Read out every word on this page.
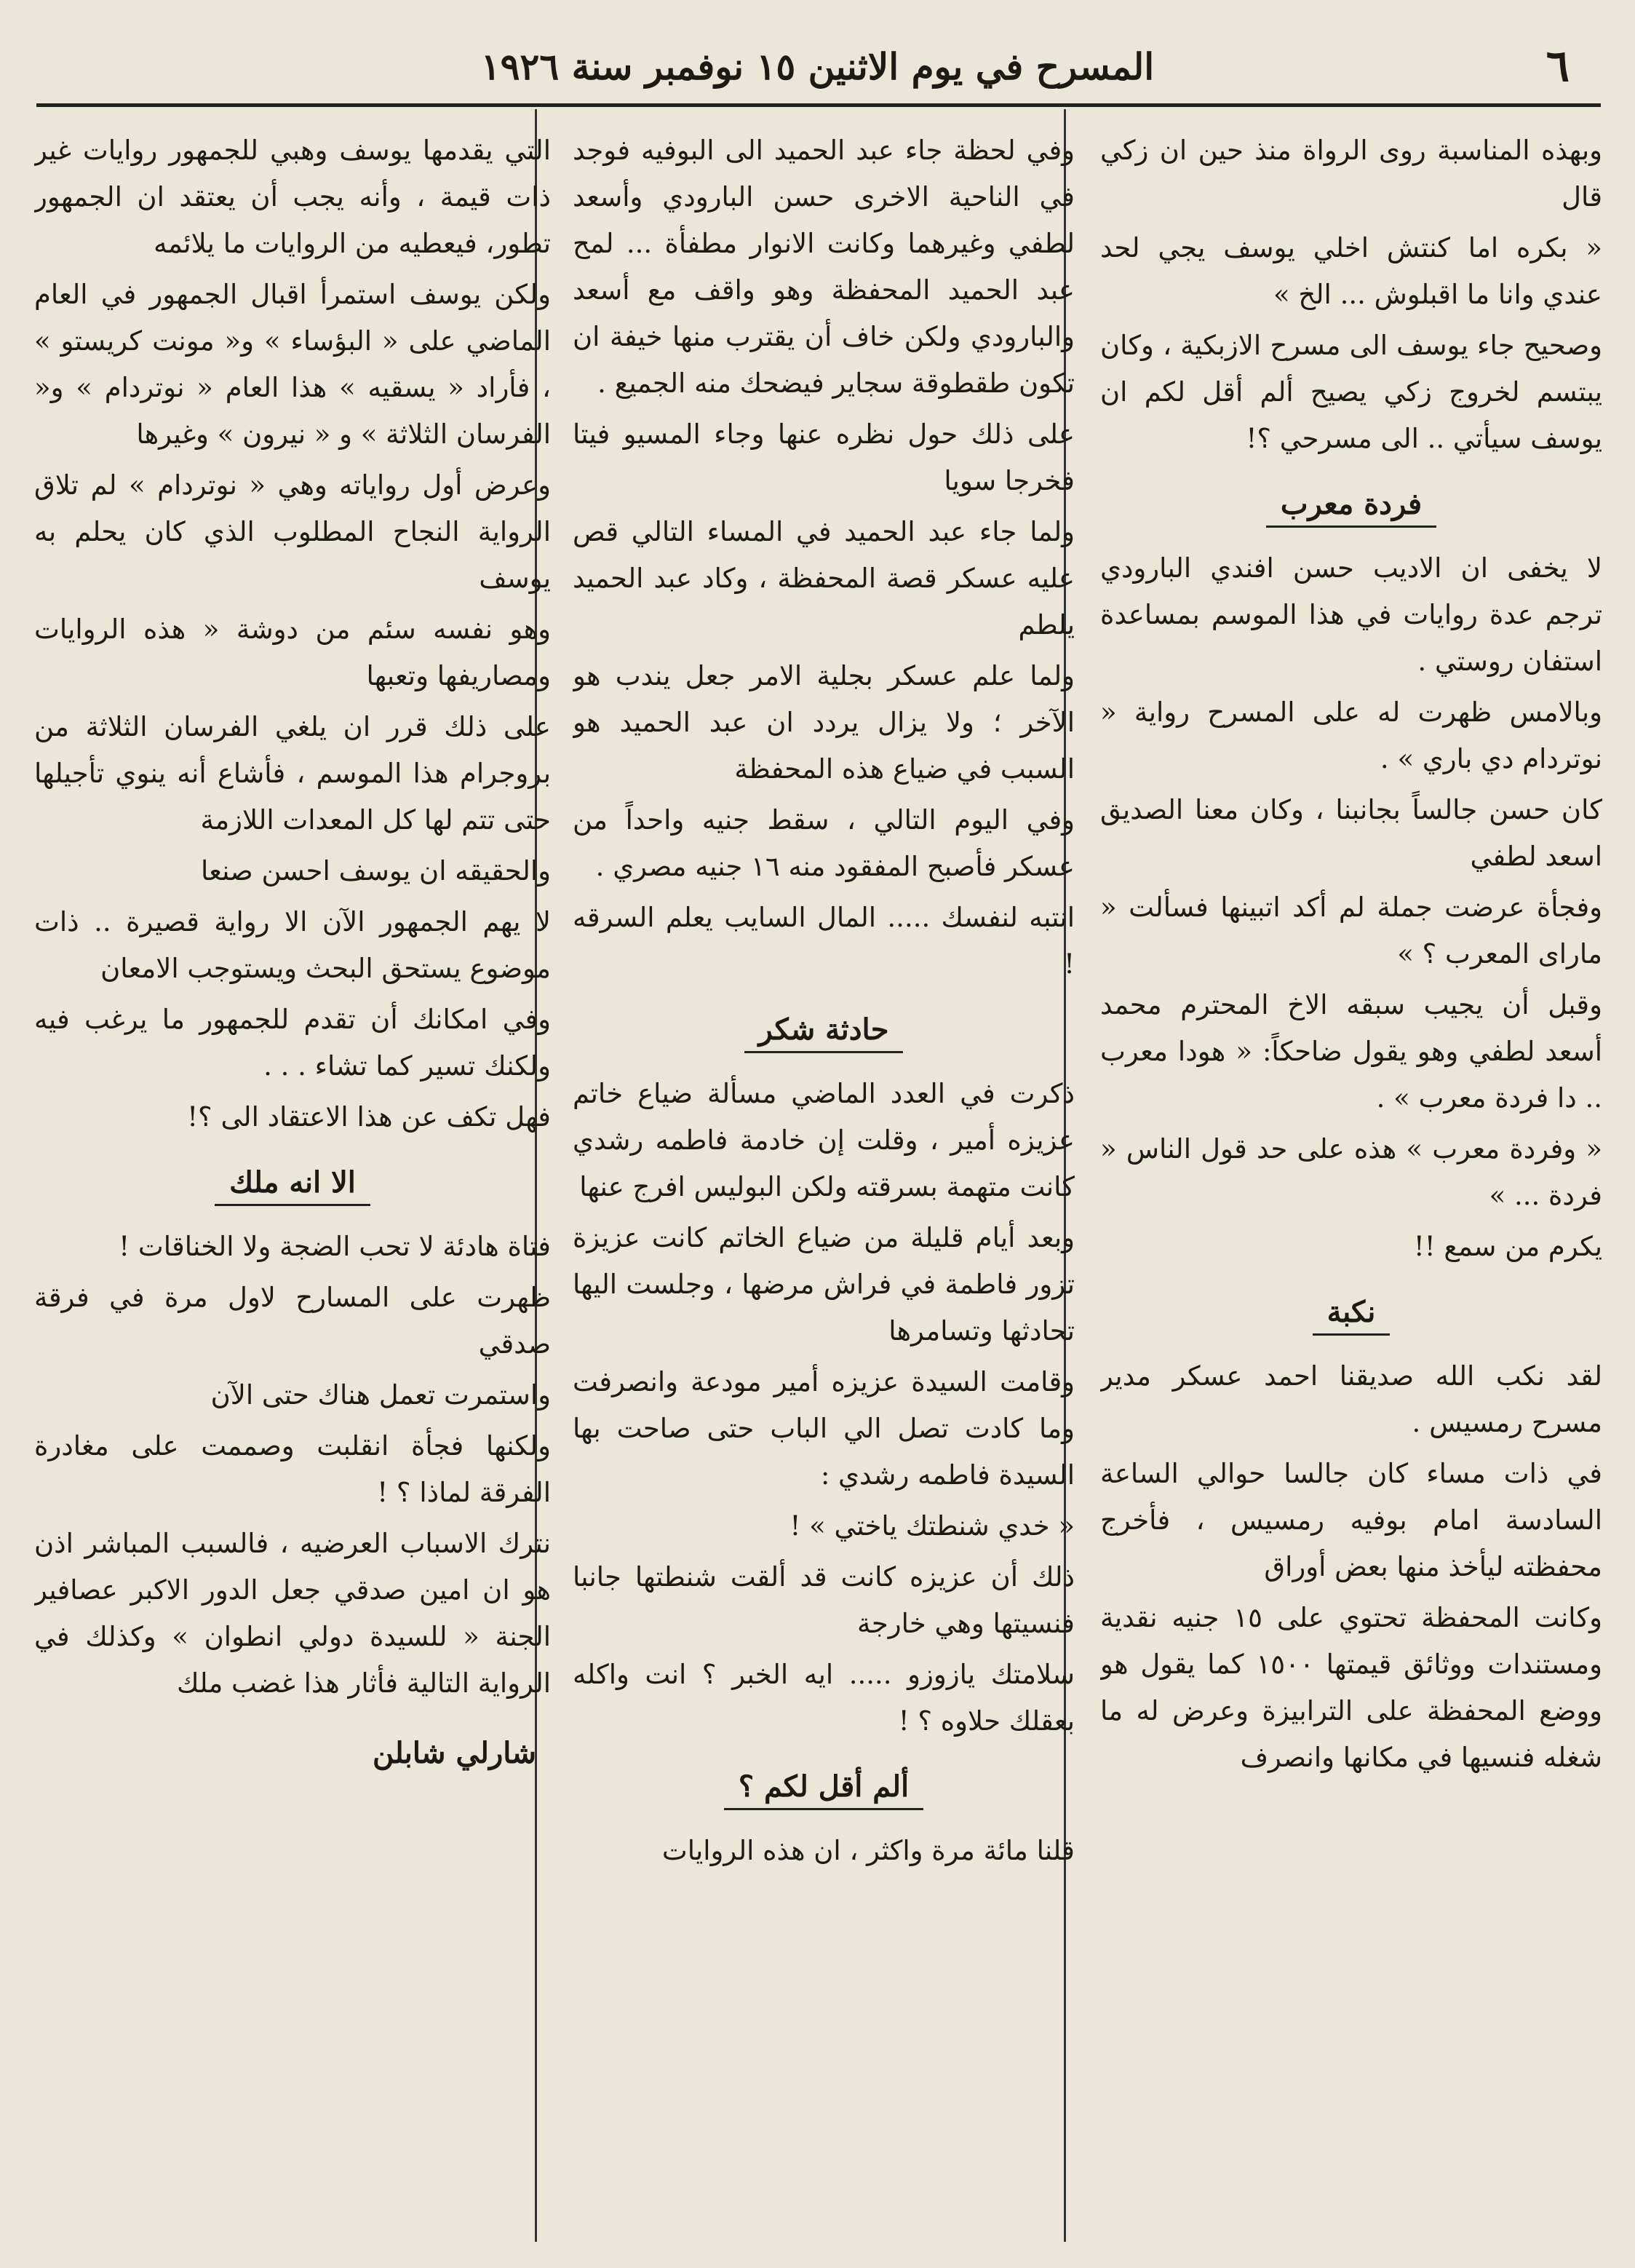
٦
المسرح في يوم الاثنين ١٥ نوفمبر سنة ١٩٢٦

وبهذه المناسبة روى الرواة منذ حين ان زكي قال

« بكره اما كنتش اخلي يوسف يجي لحد عندي وانا ما اقبلوش ... الخ »

وصحيح جاء يوسف الى مسرح الازبكية ، وكان يبتسم لخروج زكي يصيح ألم أقل لكم ان يوسف سيأتي .. الى مسرحي ؟!

فردة معرب

لا يخفى ان الاديب حسن افندي البارودي ترجم عدة روايات في هذا الموسم بمساعدة استفان روستي .

وبالامس ظهرت له على المسرح رواية « نوتردام دي باري » .

كان حسن جالساً بجانبنا ، وكان معنا الصديق اسعد لطفي

وفجأة عرضت جملة لم أكد اتبينها فسألت « ماراى المعرب ؟ »

وقبل أن يجيب سبقه الاخ المحترم محمد أسعد لطفي وهو يقول ضاحكاً: « هودا معرب .. دا فردة معرب » .

« وفردة معرب » هذه على حد قول الناس « فردة ... »

يكرم من سمع !!

نكبة

لقد نكب الله صديقنا احمد عسكر مدير مسرح رمسيس .

في ذات مساء كان جالسا حوالي الساعة السادسة امام بوفيه رمسيس ، فأخرج محفظته ليأخذ منها بعض أوراق

وكانت المحفظة تحتوي على ١٥ جنيه نقدية ومستندات ووثائق قيمتها ١٥٠٠ كما يقول هو ووضع المحفظة على الترابيزة وعرض له ما شغله فنسيها في مكانها وانصرف

وفي لحظة جاء عبد الحميد الى البوفيه فوجد في الناحية الاخرى حسن البارودي وأسعد لطفي وغيرهما وكانت الانوار مطفأة ... لمح عبد الحميد المحفظة وهو واقف مع أسعد والبارودي ولكن خاف أن يقترب منها خيفة ان تكون طقطوقة سجاير فيضحك منه الجميع .

على ذلك حول نظره عنها وجاء المسيو فيتا فخرجا سويا

ولما جاء عبد الحميد في المساء التالي قص عليه عسكر قصة المحفظة ، وكاد عبد الحميد يلطم

ولما علم عسكر بجلية الامر جعل يندب هو الآخر ؛ ولا يزال يردد ان عبد الحميد هو السبب في ضياع هذه المحفظة

وفي اليوم التالي ، سقط جنيه واحداً من عسكر فأصبح المفقود منه ١٦ جنيه مصري .

انتبه لنفسك ..... المال السايب يعلم السرقه !

حادثة شكر

ذكرت في العدد الماضي مسألة ضياع خاتم عزيزه أمير ، وقلت إن خادمة فاطمه رشدي كانت متهمة بسرقته ولكن البوليس افرج عنها

وبعد أيام قليلة من ضياع الخاتم كانت عزيزة تزور فاطمة في فراش مرضها ، وجلست اليها تحادثها وتسامرها

وقامت السيدة عزيزه أمير مودعة وانصرفت وما كادت تصل الي الباب حتى صاحت بها السيدة فاطمه رشدي :

« خدي شنطتك ياختي » !

ذلك أن عزيزه كانت قد ألقت شنطتها جانبا فنسيتها وهي خارجة

سلامتك يازوزو ..... ايه الخبر ؟ انت واكله بعقلك حلاوه ؟ !

ألم أقل لكم ؟

قلنا مائة مرة واكثر ، ان هذه الروايات

التي يقدمها يوسف وهبي للجمهور روايات غير ذات قيمة ، وأنه يجب أن يعتقد ان الجمهور تطور، فيعطيه من الروايات ما يلائمه

ولكن يوسف استمرأ اقبال الجمهور في العام الماضي على « البؤساء » و« مونت كريستو » ، فأراد « يسقيه » هذا العام « نوتردام » و« الفرسان الثلاثة » و « نيرون » وغيرها

وعرض أول رواياته وهي « نوتردام » لم تلاق الرواية النجاح المطلوب الذي كان يحلم به يوسف

وهو نفسه سئم من دوشة « هذه الروايات ومصاريفها وتعبها

على ذلك قرر ان يلغي الفرسان الثلاثة من بروجرام هذا الموسم ، فأشاع أنه ينوي تأجيلها حتى تتم لها كل المعدات اللازمة

والحقيقه ان يوسف احسن صنعا

لا يهم الجمهور الآن الا رواية قصيرة .. ذات موضوع يستحق البحث ويستوجب الامعان

وفي امكانك أن تقدم للجمهور ما يرغب فيه ولكنك تسير كما تشاء . . .

فهل تكف عن هذا الاعتقاد الى ؟!

الا انه ملك

فتاة هادئة لا تحب الضجة ولا الخناقات !

ظهرت على المسارح لاول مرة في فرقة صدقي

واستمرت تعمل هناك حتى الآن

ولكنها فجأة انقلبت وصممت على مغادرة الفرقة لماذا ؟ !

نترك الاسباب العرضيه ، فالسبب المباشر اذن هو ان امين صدقي جعل الدور الاكبر عصافير الجنة « للسيدة دولي انطوان » وكذلك في الرواية التالية فأثار هذا غضب ملك

شارلي شابلن
